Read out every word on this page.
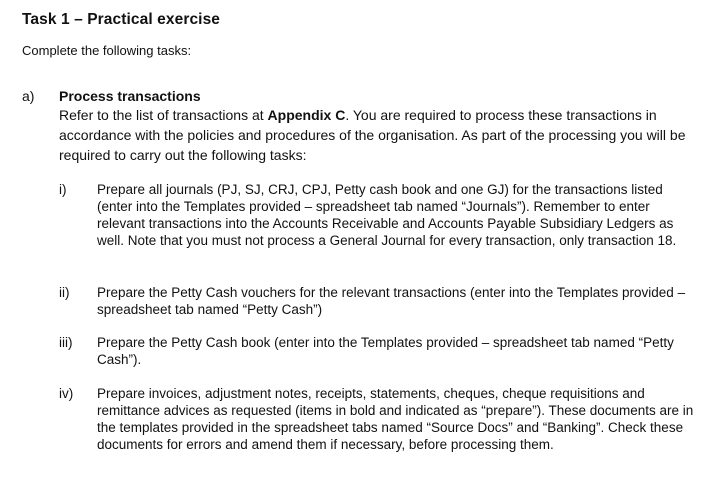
Task 1 – Practical exercise
Complete the following tasks:
a) Process transactions
Refer to the list of transactions at Appendix C. You are required to process these transactions in accordance with the policies and procedures of the organisation. As part of the processing you will be required to carry out the following tasks:
i) Prepare all journals (PJ, SJ, CRJ, CPJ, Petty cash book and one GJ) for the transactions listed (enter into the Templates provided – spreadsheet tab named “Journals”). Remember to enter relevant transactions into the Accounts Receivable and Accounts Payable Subsidiary Ledgers as well. Note that you must not process a General Journal for every transaction, only transaction 18.
ii) Prepare the Petty Cash vouchers for the relevant transactions (enter into the Templates provided – spreadsheet tab named “Petty Cash”)
iii) Prepare the Petty Cash book (enter into the Templates provided – spreadsheet tab named “Petty Cash”).
iv) Prepare invoices, adjustment notes, receipts, statements, cheques, cheque requisitions and remittance advices as requested (items in bold and indicated as “prepare”). These documents are in the templates provided in the spreadsheet tabs named “Source Docs” and “Banking”. Check these documents for errors and amend them if necessary, before processing them.
